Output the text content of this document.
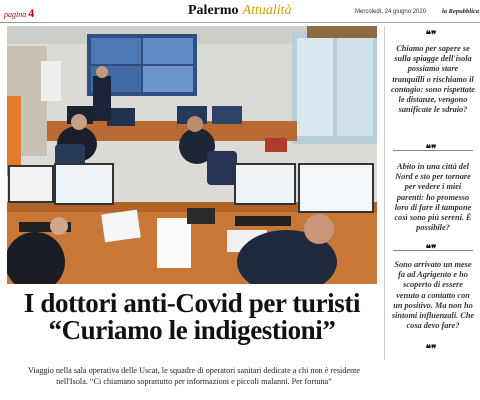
pagina 4	Palermo Attualità	Mercoledì, 24 giugno 2020 la Repubblica
❝❞
Chiamo per sapere se sulla spiagge dell'isola possiamo stare tranquilli o rischiamo il contagio: sono rispettate le distanze, vengono sanificate le sdraio?
❝❞
Abito in una città del Nord e sto per tornare per vedere i miei parenti: ho promesso loro di fare il tampone così sono più sereni. È possibile?
❝❞
Sono arrivato un mese fa ad Agrigento e ho scoperto di essere venuto a contatto con un positivo. Ma non ho sintomi influenzali. Che cosa devo fare?
❝❞
I dottori anti-Covid per turisti
“Curiamo le indigestioni”
Viaggio nella sala operativa delle Uscat, le squadre di operatori sanitari dedicate a chi non è residente nell'Isola. “Ci chiamano soprattutto per informazioni e piccoli malanni. Per fortuna”
